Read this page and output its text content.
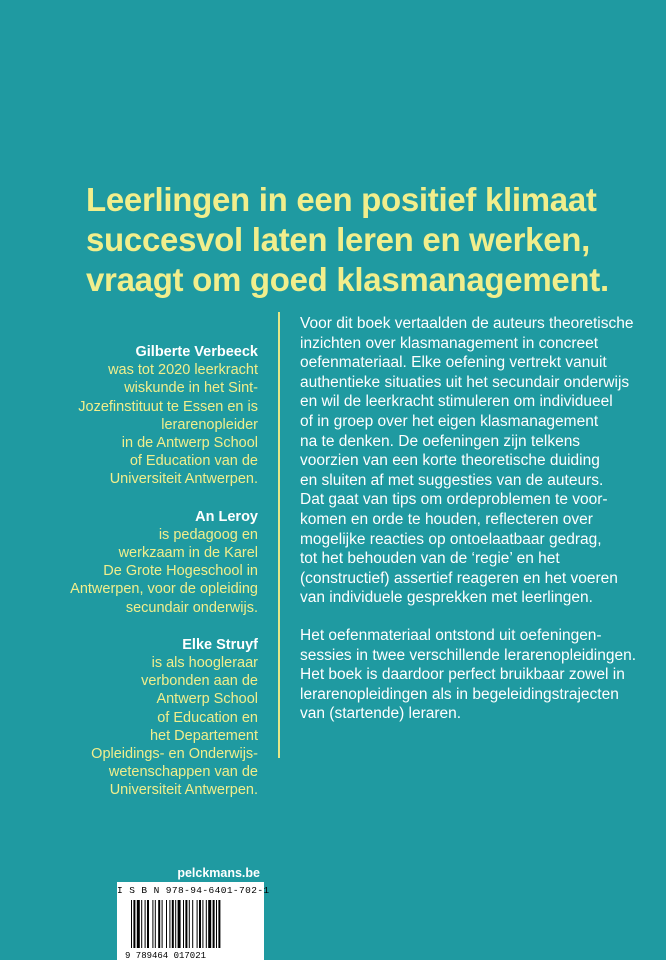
Leerlingen in een positief klimaat
succesvol laten leren en werken,
vraagt om goed klasmanagement.
Gilberte Verbeeck
was tot 2020 leerkracht
wiskunde in het Sint-
Jozefinstituut te Essen en is
lerarenopleider
in de Antwerp School
of Education van de
Universiteit Antwerpen.
An Leroy
is pedagoog en
werkzaam in de Karel
De Grote Hogeschool in
Antwerpen, voor de opleiding
secundair onderwijs.
Elke Struyf
is als hoogleraar
verbonden aan de
Antwerp School
of Education en
het Departement
Opleidings- en Onderwijs-
wetenschappen van de
Universiteit Antwerpen.

Voor dit boek vertaalden de auteurs theoretische
inzichten over klasmanagement in concreet
oefenmateriaal. Elke oefening vertrekt vanuit
authentieke situaties uit het secundair onderwijs
en wil de leerkracht stimuleren om individueel
of in groep over het eigen klasmanagement
na te denken. De oefeningen zijn telkens
voorzien van een korte theoretische duiding
en sluiten af met suggesties van de auteurs.
Dat gaat van tips om ordeproblemen te voor-
komen en orde te houden, reflecteren over
mogelijke reacties op ontoelaatbaar gedrag,
tot het behouden van de ‘regie’ en het
(constructief) assertief reageren en het voeren
van individuele gesprekken met leerlingen.

Het oefenmateriaal ontstond uit oefeningen-
sessies in twee verschillende lerarenopleidingen.
Het boek is daardoor perfect bruikbaar zowel in
lerarenopleidingen als in begeleidingstrajecten
van (startende) leraren.

pelckmans.be
I S B N 978-94-6401-702-1
9 789464 017021
